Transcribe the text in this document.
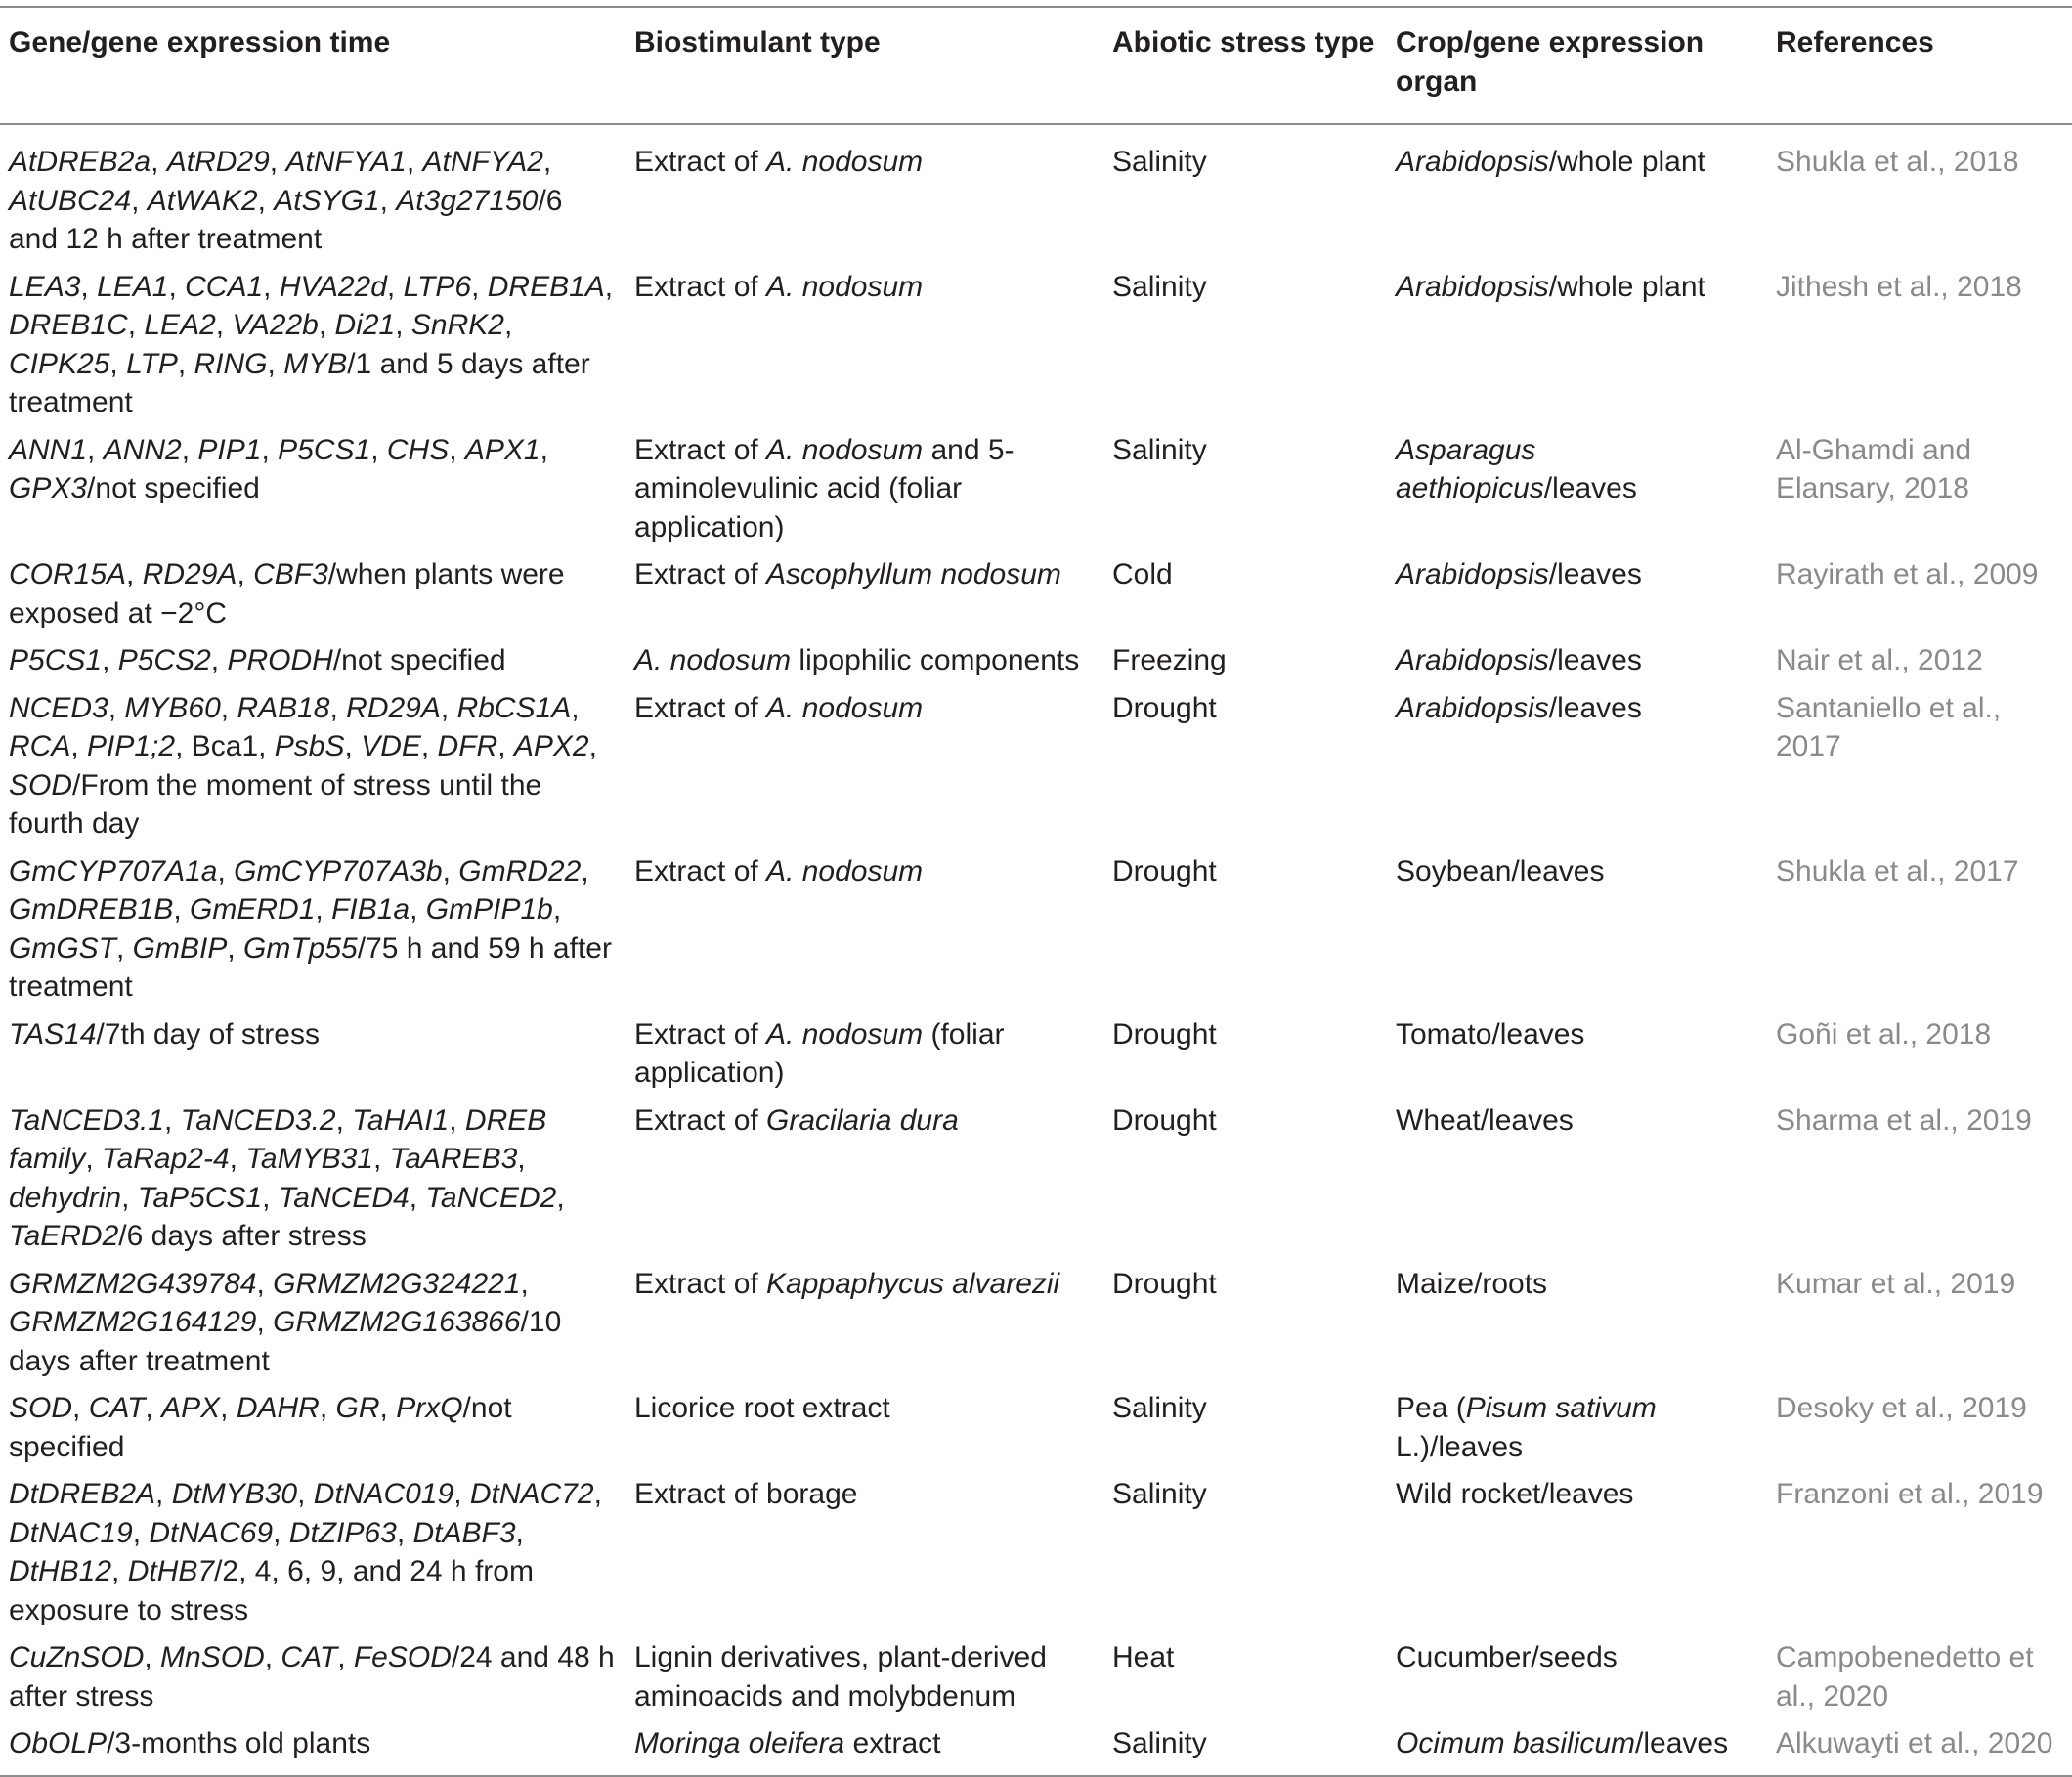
Gene/gene expression time	Biostimulant type	Abiotic stress type	Crop/gene expression organ	References
AtDREB2a, AtRD29, AtNFYA1, AtNFYA2, AtUBC24, AtWAK2, AtSYG1, At3g27150/6 and 12 h after treatment	Extract of A. nodosum	Salinity	Arabidopsis/whole plant	Shukla et al., 2018
LEA3, LEA1, CCA1, HVA22d, LTP6, DREB1A, DREB1C, LEA2, VA22b, Di21, SnRK2, CIPK25, LTP, RING, MYB/1 and 5 days after treatment	Extract of A. nodosum	Salinity	Arabidopsis/whole plant	Jithesh et al., 2018
ANN1, ANN2, PIP1, P5CS1, CHS, APX1, GPX3/not specified	Extract of A. nodosum and 5-aminolevulinic acid (foliar application)	Salinity	Asparagus aethiopicus/leaves	Al-Ghamdi and Elansary, 2018
COR15A, RD29A, CBF3/when plants were exposed at −2°C	Extract of Ascophyllum nodosum	Cold	Arabidopsis/leaves	Rayirath et al., 2009
P5CS1, P5CS2, PRODH/not specified	A. nodosum lipophilic components	Freezing	Arabidopsis/leaves	Nair et al., 2012
NCED3, MYB60, RAB18, RD29A, RbCS1A, RCA, PIP1;2, Bca1, PsbS, VDE, DFR, APX2, SOD/From the moment of stress until the fourth day	Extract of A. nodosum	Drought	Arabidopsis/leaves	Santaniello et al., 2017
GmCYP707A1a, GmCYP707A3b, GmRD22, GmDREB1B, GmERD1, FIB1a, GmPIP1b, GmGST, GmBIP, GmTp55/75 h and 59 h after treatment	Extract of A. nodosum	Drought	Soybean/leaves	Shukla et al., 2017
TAS14/7th day of stress	Extract of A. nodosum (foliar application)	Drought	Tomato/leaves	Goñi et al., 2018
TaNCED3.1, TaNCED3.2, TaHAI1, DREB family, TaRap2-4, TaMYB31, TaAREB3, dehydrin, TaP5CS1, TaNCED4, TaNCED2, TaERD2/6 days after stress	Extract of Gracilaria dura	Drought	Wheat/leaves	Sharma et al., 2019
GRMZM2G439784, GRMZM2G324221, GRMZM2G164129, GRMZM2G163866/10 days after treatment	Extract of Kappaphycus alvarezii	Drought	Maize/roots	Kumar et al., 2019
SOD, CAT, APX, DAHR, GR, PrxQ/not specified	Licorice root extract	Salinity	Pea (Pisum sativum L.)/leaves	Desoky et al., 2019
DtDREB2A, DtMYB30, DtNAC019, DtNAC72, DtNAC19, DtNAC69, DtZIP63, DtABF3, DtHB12, DtHB7/2, 4, 6, 9, and 24 h from exposure to stress	Extract of borage	Salinity	Wild rocket/leaves	Franzoni et al., 2019
CuZnSOD, MnSOD, CAT, FeSOD/24 and 48 h after stress	Lignin derivatives, plant-derived aminoacids and molybdenum	Heat	Cucumber/seeds	Campobenedetto et al., 2020
ObOLP/3-months old plants	Moringa oleifera extract	Salinity	Ocimum basilicum/leaves	Alkuwayti et al., 2020
